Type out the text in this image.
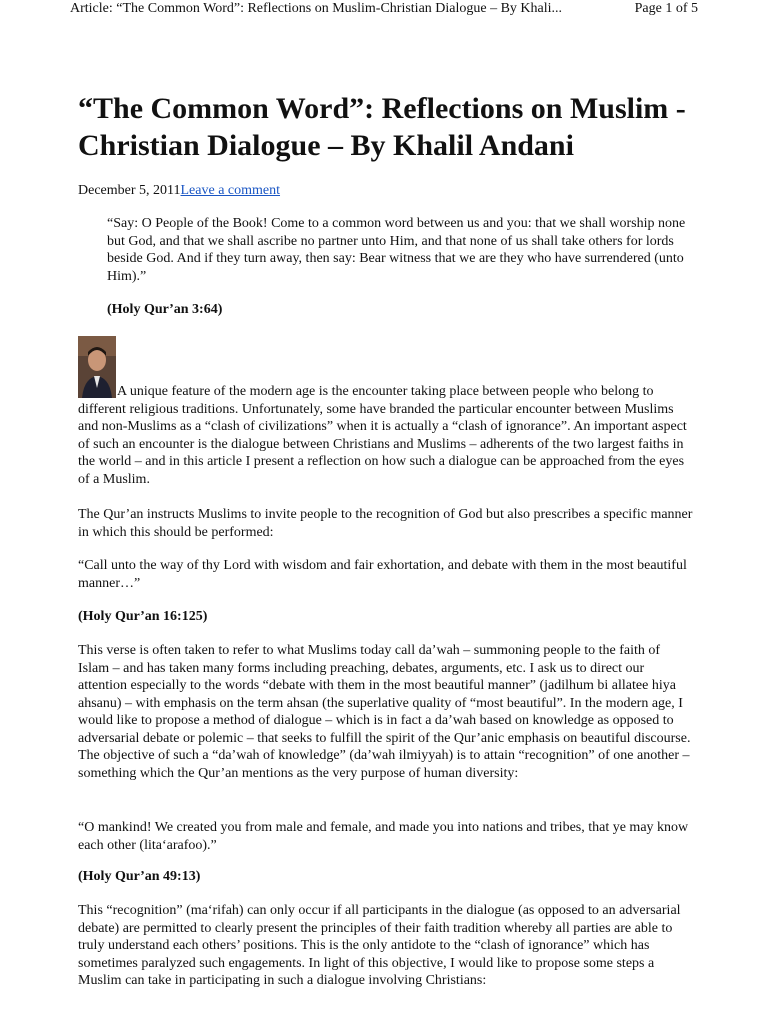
Article: “The Common Word”: Reflections on Muslim-Christian Dialogue – By Khali...	Page 1 of 5
“The Common Word”: Reflections on Muslim -Christian Dialogue – By Khalil Andani
December 5, 2011Leave a comment
“Say: O People of the Book! Come to a common word between us and you: that we shall worship none but God, and that we shall ascribe no partner unto Him, and that none of us shall take others for lords beside God. And if they turn away, then say: Bear witness that we are they who have surrendered (unto Him).”
(Holy Qur’an 3:64)

A unique feature of the modern age is the encounter taking place between people who belong to different religious traditions. Unfortunately, some have branded the particular encounter between Muslims and non-Muslims as a “clash of civilizations” when it is actually a “clash of ignorance”. An important aspect of such an encounter is the dialogue between Christians and Muslims – adherents of the two largest faiths in the world – and in this article I present a reflection on how such a dialogue can be approached from the eyes of a Muslim.

The Qur’an instructs Muslims to invite people to the recognition of God but also prescribes a specific manner in which this should be performed:

“Call unto the way of thy Lord with wisdom and fair exhortation, and debate with them in the most beautiful manner…”

(Holy Qur’an 16:125)

This verse is often taken to refer to what Muslims today call da’wah – summoning people to the faith of Islam – and has taken many forms including preaching, debates, arguments, etc. I ask us to direct our attention especially to the words “debate with them in the most beautiful manner” (jadilhum bi allatee hiya ahsanu) – with emphasis on the term ahsan (the superlative quality of “most beautiful”. In the modern age, I would like to propose a method of dialogue – which is in fact a da’wah based on knowledge as opposed to adversarial debate or polemic – that seeks to fulfill the spirit of the Qur’anic emphasis on beautiful discourse. The objective of such a “da’wah of knowledge” (da’wah ilmiyyah) is to attain “recognition” of one another – something which the Qur’an mentions as the very purpose of human diversity:

“O mankind! We created you from male and female, and made you into nations and tribes, that ye may know each other (lita‘arafoo).”

(Holy Qur’an 49:13)

This “recognition” (ma‘rifah) can only occur if all participants in the dialogue (as opposed to an adversarial debate) are permitted to clearly present the principles of their faith tradition whereby all parties are able to truly understand each others’ positions. This is the only antidote to the “clash of ignorance” which has sometimes paralyzed such engagements. In light of this objective, I would like to propose some steps a Muslim can take in participating in such a dialogue involving Christians:
